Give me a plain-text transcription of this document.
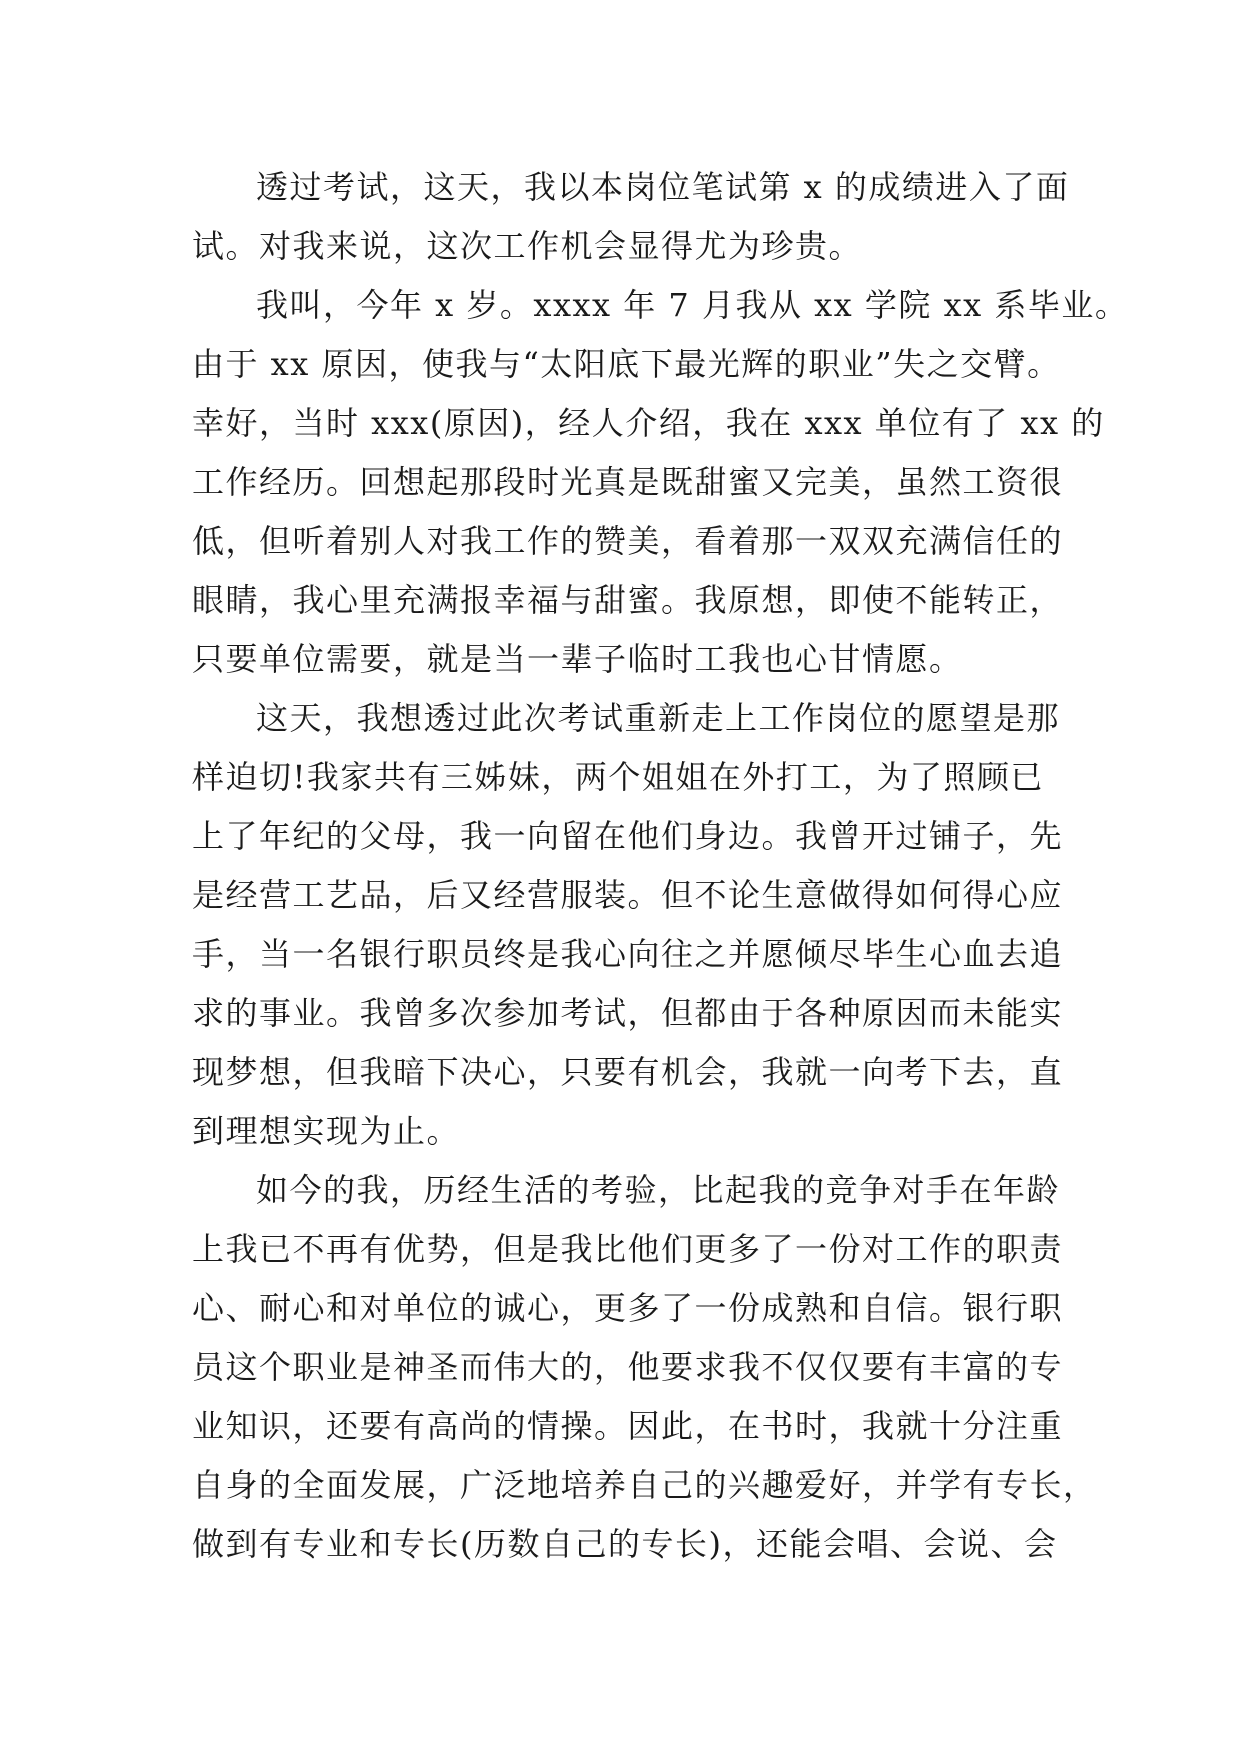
透过考试，这天，我以本岗位笔试第 x 的成绩进入了面
试。对我来说，这次工作机会显得尤为珍贵。
我叫，今年 x 岁。xxxx 年 7 月我从 xx 学院 xx 系毕业。
由于 xx 原因，使我与“太阳底下最光辉的职业”失之交臂。
幸好，当时 xxx(原因)，经人介绍，我在 xxx 单位有了 xx 的
工作经历。回想起那段时光真是既甜蜜又完美，虽然工资很
低，但听着别人对我工作的赞美，看着那一双双充满信任的
眼睛，我心里充满报幸福与甜蜜。我原想，即使不能转正，
只要单位需要，就是当一辈子临时工我也心甘情愿。
这天，我想透过此次考试重新走上工作岗位的愿望是那
样迫切!我家共有三姊妹，两个姐姐在外打工，为了照顾已
上了年纪的父母，我一向留在他们身边。我曾开过铺子，先
是经营工艺品，后又经营服装。但不论生意做得如何得心应
手，当一名银行职员终是我心向往之并愿倾尽毕生心血去追
求的事业。我曾多次参加考试，但都由于各种原因而未能实
现梦想，但我暗下决心，只要有机会，我就一向考下去，直
到理想实现为止。
如今的我，历经生活的考验，比起我的竞争对手在年龄
上我已不再有优势，但是我比他们更多了一份对工作的职责
心、耐心和对单位的诚心，更多了一份成熟和自信。银行职
员这个职业是神圣而伟大的，他要求我不仅仅要有丰富的专
业知识，还要有高尚的情操。因此，在书时，我就十分注重
自身的全面发展，广泛地培养自己的兴趣爱好，并学有专长，
做到有专业和专长(历数自己的专长)，还能会唱、会说、会
